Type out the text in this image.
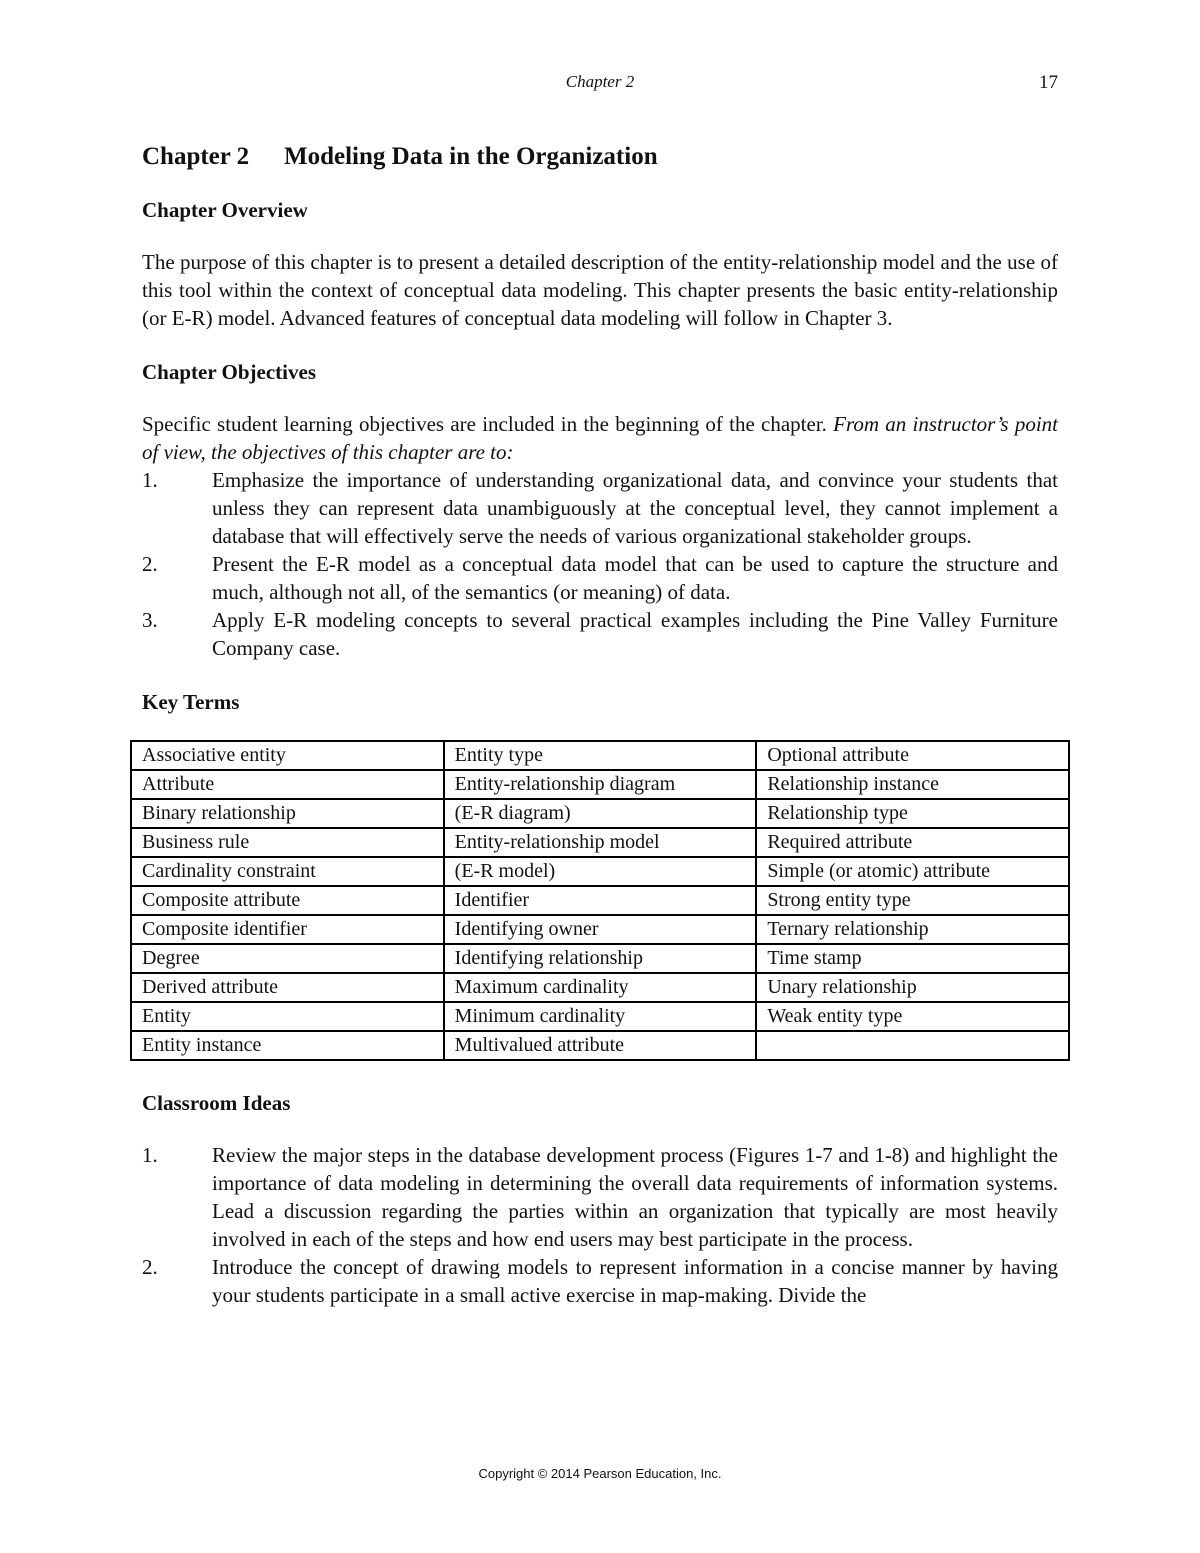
Chapter 2	17
Chapter 2 Modeling Data in the Organization
Chapter Overview

The purpose of this chapter is to present a detailed description of the entity-relationship model and the use of this tool within the context of conceptual data modeling. This chapter presents the basic entity-relationship (or E-R) model. Advanced features of conceptual data modeling will follow in Chapter 3.

Chapter Objectives
Specific student learning objectives are included in the beginning of the chapter. From an instructor’s point of view, the objectives of this chapter are to:
1.	Emphasize the importance of understanding organizational data, and convince your students that unless they can represent data unambiguously at the conceptual level, they cannot implement a database that will effectively serve the needs of various organizational stakeholder groups.
2.	Present the E-R model as a conceptual data model that can be used to capture the structure and much, although not all, of the semantics (or meaning) of data.
3.	Apply E-R modeling concepts to several practical examples including the Pine Valley Furniture Company case.
Key Terms
Associative entity	Entity type	Optional attribute
Attribute	Entity-relationship diagram	Relationship instance
Binary relationship	(E-R diagram)	Relationship type
Business rule	Entity-relationship model	Required attribute
Cardinality constraint	(E-R model)	Simple (or atomic) attribute
Composite attribute	Identifier	Strong entity type
Composite identifier	Identifying owner	Ternary relationship
Degree	Identifying relationship	Time stamp
Derived attribute	Maximum cardinality	Unary relationship
Entity	Minimum cardinality	Weak entity type
Entity instance	Multivalued attribute	
Classroom Ideas
1.	Review the major steps in the database development process (Figures 1-7 and 1-8) and highlight the importance of data modeling in determining the overall data requirements of information systems. Lead a discussion regarding the parties within an organization that typically are most heavily involved in each of the steps and how end users may best participate in the process.
2.	Introduce the concept of drawing models to represent information in a concise manner by having your students participate in a small active exercise in map-making. Divide the
Copyright © 2014 Pearson Education, Inc.
